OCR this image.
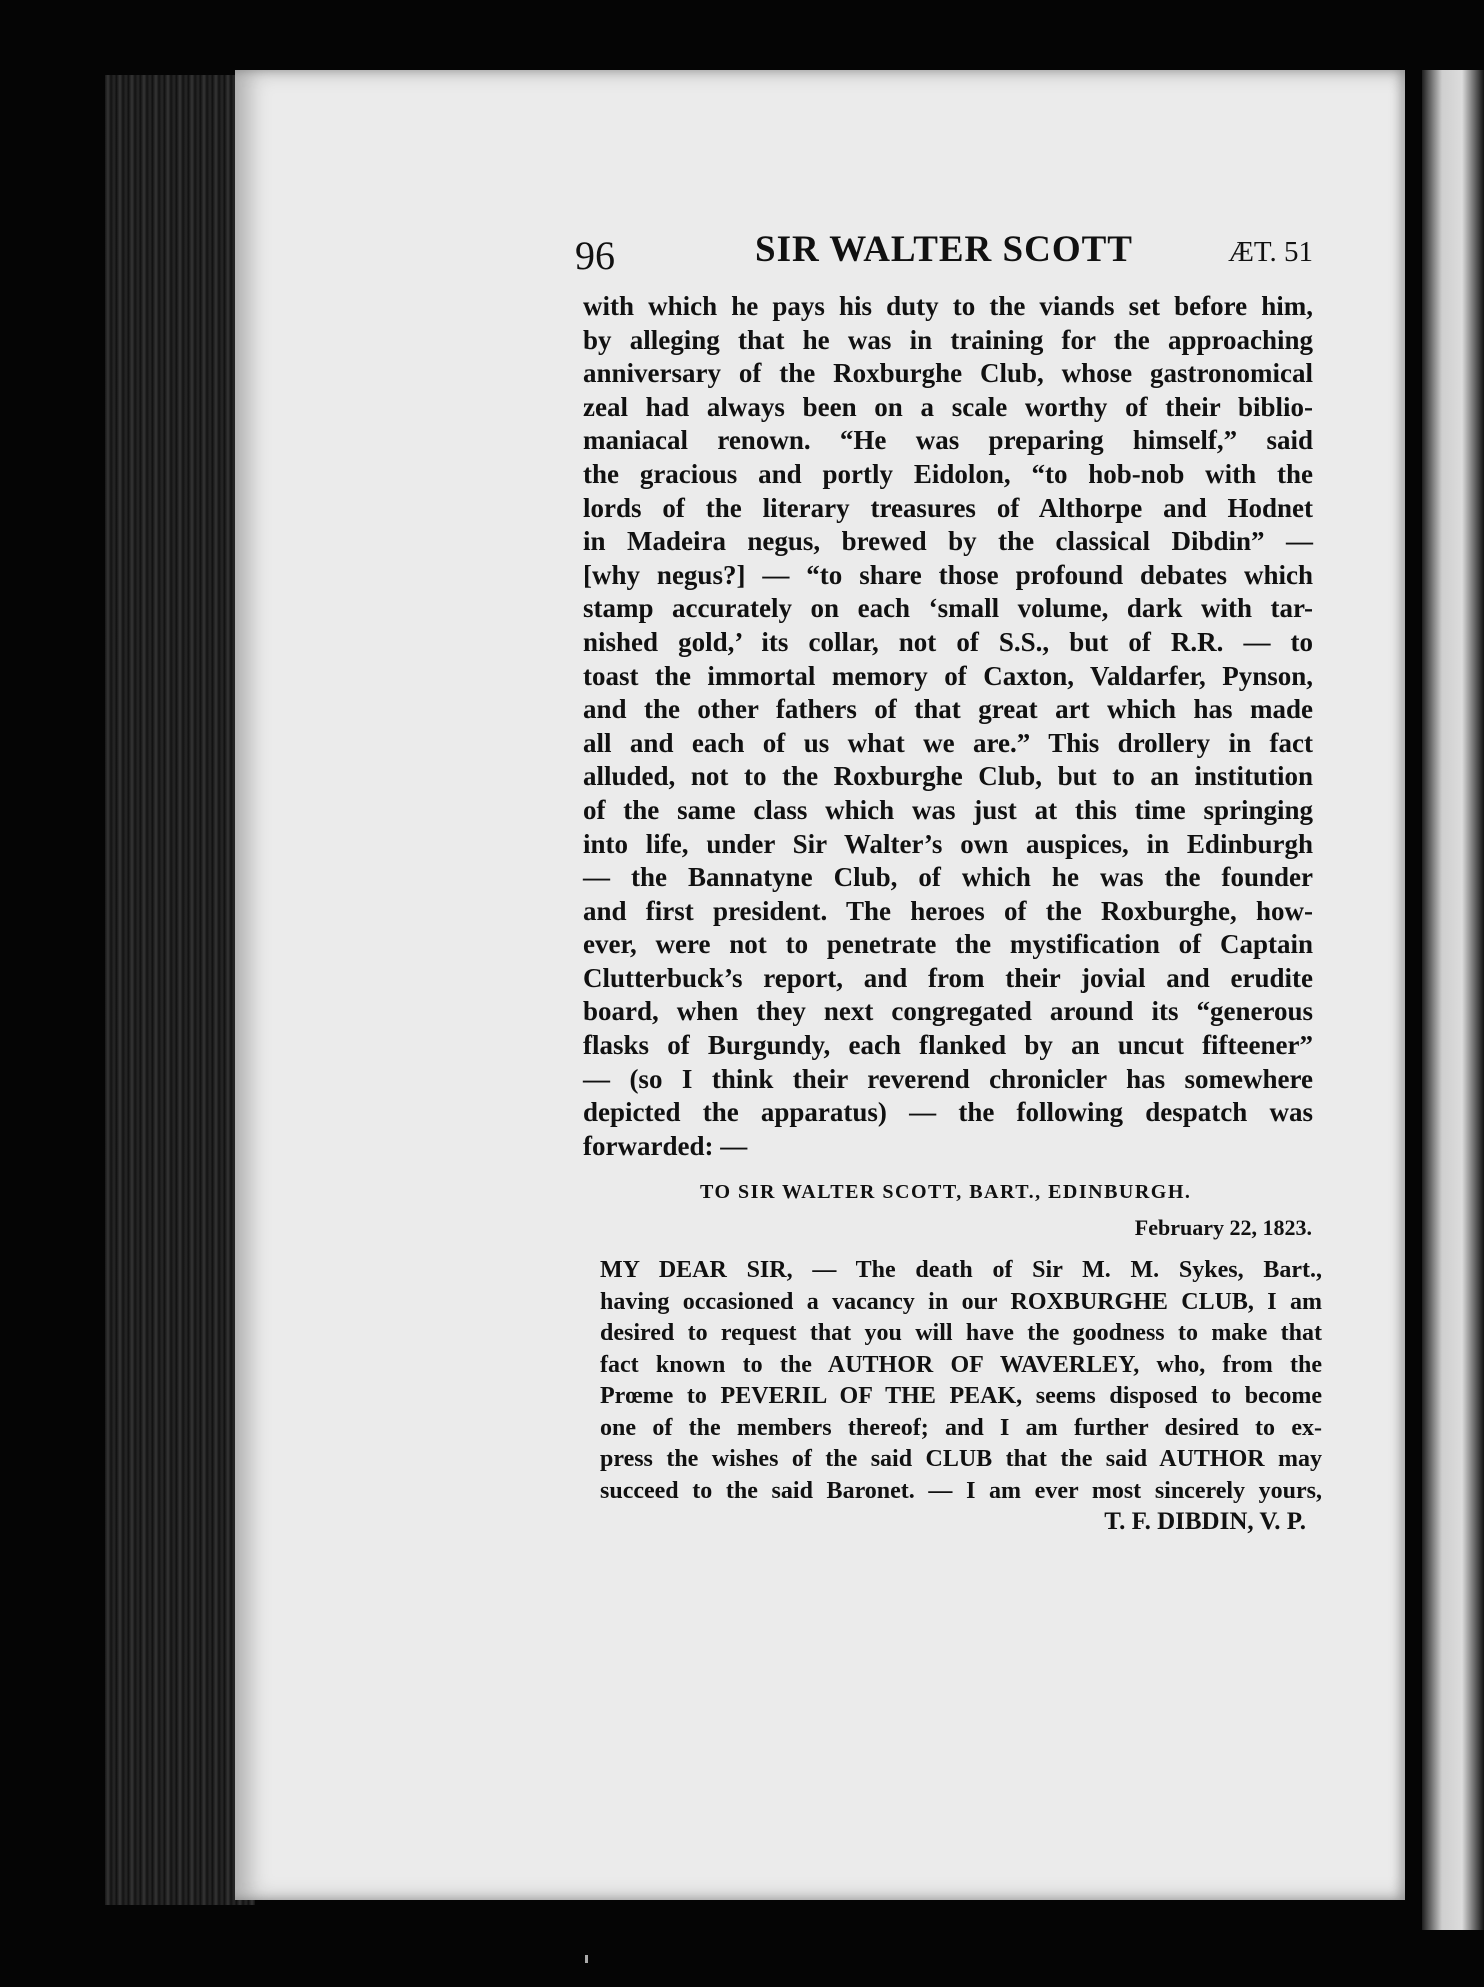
96	SIR WALTER SCOTT	ÆT. 51
with which he pays his duty to the viands set before him,
by alleging that he was in training for the approaching
anniversary of the Roxburghe Club, whose gastronomical
zeal had always been on a scale worthy of their biblio-
maniacal renown. “He was preparing himself,” said
the gracious and portly Eidolon, “to hob-nob with the
lords of the literary treasures of Althorpe and Hodnet
in Madeira negus, brewed by the classical Dibdin” —
[why negus?] — “to share those profound debates which
stamp accurately on each ‘small volume, dark with tar-
nished gold,’ its collar, not of S.S., but of R.R. — to
toast the immortal memory of Caxton, Valdarfer, Pynson,
and the other fathers of that great art which has made
all and each of us what we are.” This drollery in fact
alluded, not to the Roxburghe Club, but to an institution
of the same class which was just at this time springing
into life, under Sir Walter’s own auspices, in Edinburgh
— the Bannatyne Club, of which he was the founder
and first president. The heroes of the Roxburghe, how-
ever, were not to penetrate the mystification of Captain
Clutterbuck’s report, and from their jovial and erudite
board, when they next congregated around its “generous
flasks of Burgundy, each flanked by an uncut fifteener”
— (so I think their reverend chronicler has somewhere
depicted the apparatus) — the following despatch was
forwarded: —
TO SIR WALTER SCOTT, BART., EDINBURGH.
February 22, 1823.
MY DEAR SIR, — The death of Sir M. M. Sykes, Bart.,
having occasioned a vacancy in our ROXBURGHE CLUB, I am
desired to request that you will have the goodness to make that
fact known to the AUTHOR OF WAVERLEY, who, from the
Prœme to PEVERIL OF THE PEAK, seems disposed to become
one of the members thereof; and I am further desired to ex-
press the wishes of the said CLUB that the said AUTHOR may
succeed to the said Baronet. — I am ever most sincerely yours,
T. F. DIBDIN, V. P.
